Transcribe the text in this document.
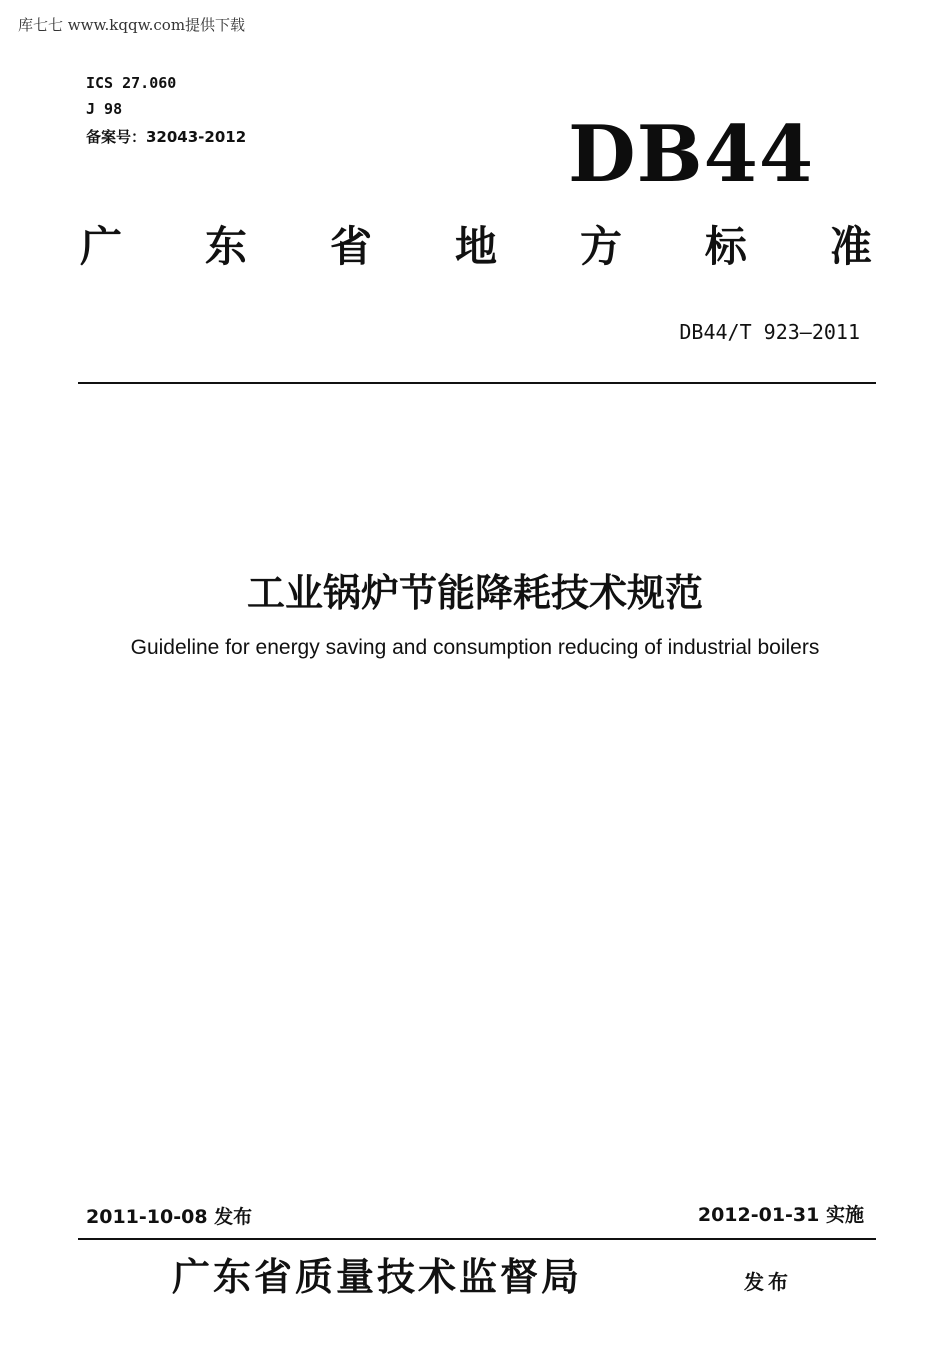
库七七 www.kqqw.com提供下载
ICS 27.060
J 98
备案号：32043-2012	DB44
广 东 省 地 方 标 准
DB44/T 923—2011
工业锅炉节能降耗技术规范
Guideline for energy saving and consumption reducing of industrial boilers
2011-10-08 发布	2012-01-31 实施
广东省质量技术监督局	发布
